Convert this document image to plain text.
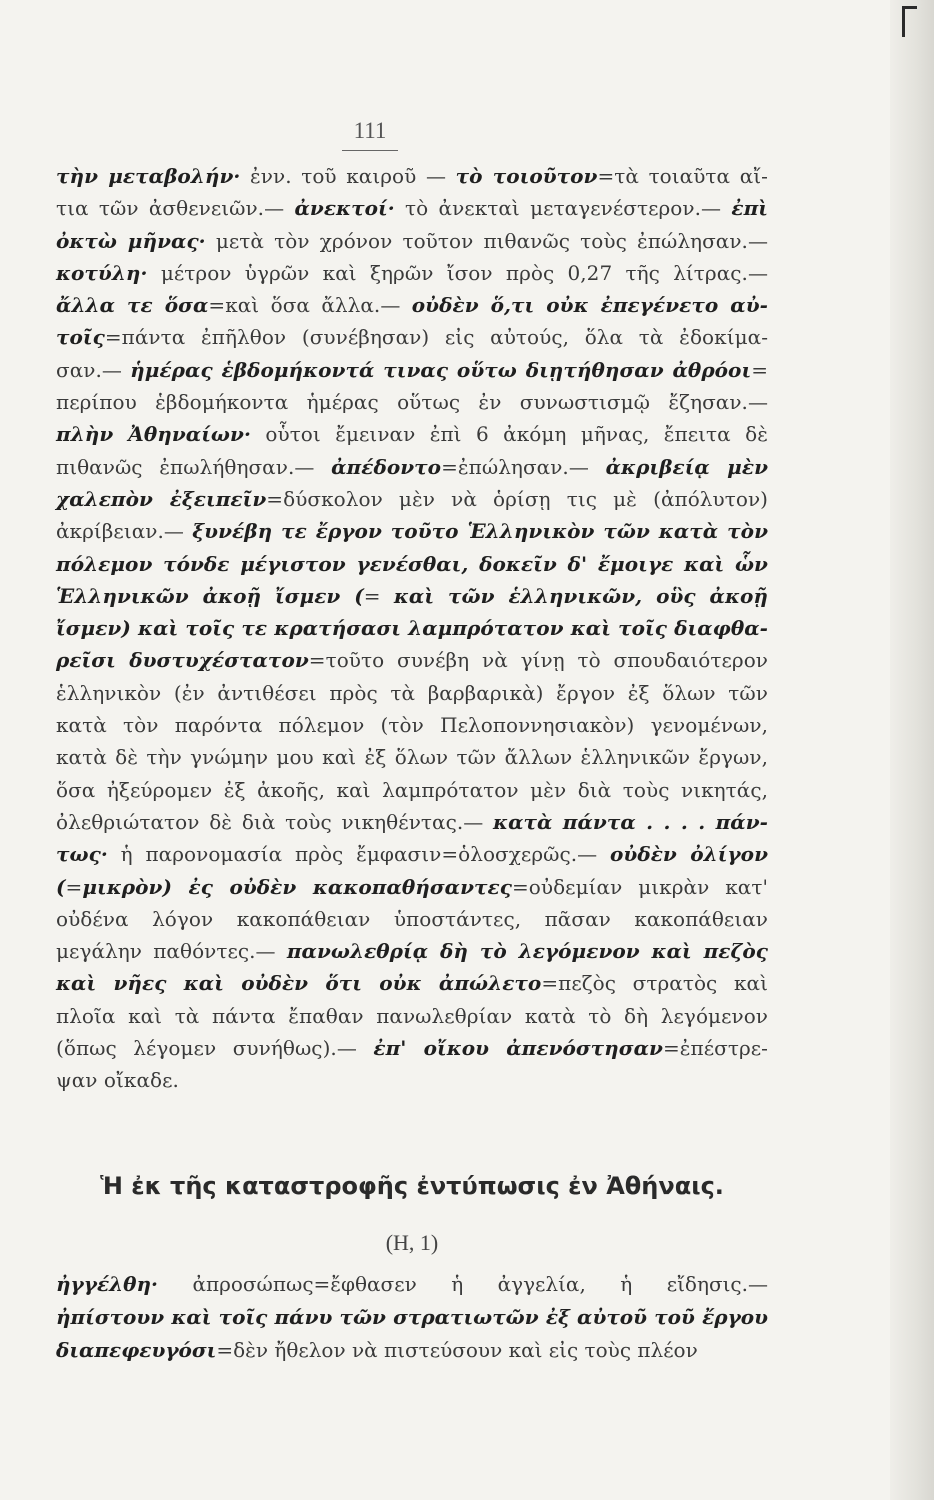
111
τὴν μεταβολήν· ἐνν. τοῦ καιροῦ — τὸ τοιοῦτον=τὰ τοιαῦτα αἴ-
τια τῶν ἀσθενειῶν.— ἀνεκτοί· τὸ ἀνεκταὶ μεταγενέστερον.— ἐπὶ
ὀκτὼ μῆνας· μετὰ τὸν χρόνον τοῦτον πιθανῶς τοὺς ἐπώλησαν.—
κοτύλη· μέτρον ὑγρῶν καὶ ξηρῶν ἴσον πρὸς 0,27 τῆς λίτρας.—
ἄλλα τε ὅσα=καὶ ὅσα ἄλλα.— οὐδὲν ὅ,τι οὐκ ἐπεγένετο αὐ-
τοῖς=πάντα ἐπῆλθον (συνέβησαν) εἰς αὐτούς, ὅλα τὰ ἐδοκίμα-
σαν.— ἡμέρας ἑβδομήκοντά τινας οὕτω διῃτήθησαν ἀθρόοι=
περίπου ἑβδομήκοντα ἡμέρας οὕτως ἐν συνωστισμῷ ἔζησαν.—
πλὴν Ἀθηναίων· οὗτοι ἔμειναν ἐπὶ 6 ἀκόμη μῆνας, ἔπειτα δὲ
πιθανῶς ἐπωλήθησαν.— ἀπέδοντο=ἐπώλησαν.— ἀκριβείᾳ μὲν
χαλεπὸν ἐξειπεῖν=δύσκολον μὲν νὰ ὁρίσῃ τις μὲ (ἀπόλυτον)
ἀκρίβειαν.— ξυνέβη τε ἔργον τοῦτο Ἑλληνικὸν τῶν κατὰ τὸν
πόλεμον τόνδε μέγιστον γενέσθαι, δοκεῖν δ' ἔμοιγε καὶ ὧν
Ἑλληνικῶν ἀκοῇ ἴσμεν (= καὶ τῶν ἑλληνικῶν, οὓς ἀκοῇ
ἴσμεν) καὶ τοῖς τε κρατήσασι λαμπρότατον καὶ τοῖς διαφθα-
ρεῖσι δυστυχέστατον=τοῦτο συνέβη νὰ γίνῃ τὸ σπουδαιότερον
ἑλληνικὸν (ἐν ἀντιθέσει πρὸς τὰ βαρβαρικὰ) ἔργον ἐξ ὅλων τῶν
κατὰ τὸν παρόντα πόλεμον (τὸν Πελοποννησιακὸν) γενομένων,
κατὰ δὲ τὴν γνώμην μου καὶ ἐξ ὅλων τῶν ἄλλων ἑλληνικῶν ἔργων,
ὅσα ἠξεύρομεν ἐξ ἀκοῆς, καὶ λαμπρότατον μὲν διὰ τοὺς νικητάς,
ὀλεθριώτατον δὲ διὰ τοὺς νικηθέντας.— κατὰ πάντα . . . . πάν-
τως· ἡ παρονομασία πρὸς ἔμφασιν=ὁλοσχερῶς.— οὐδὲν ὀλίγον
(=μικρὸν) ἐς οὐδὲν κακοπαθήσαντες=οὐδεμίαν μικρὰν κατ'
οὐδένα λόγον κακοπάθειαν ὑποστάντες, πᾶσαν κακοπάθειαν
μεγάλην παθόντες.— πανωλεθρίᾳ δὴ τὸ λεγόμενον καὶ πεζὸς
καὶ νῆες καὶ οὐδὲν ὅτι οὐκ ἀπώλετο=πεζὸς στρατὸς καὶ
πλοῖα καὶ τὰ πάντα ἔπαθαν πανωλεθρίαν κατὰ τὸ δὴ λεγόμενον
(ὅπως λέγομεν συνήθως).— ἐπ' οἴκου ἀπενόστησαν=ἐπέστρε-
ψαν οἴκαδε.
Ἡ ἐκ τῆς καταστροφῆς ἐντύπωσις ἐν Ἀθήναις.
(Η, 1)
ἠγγέλθη· ἀπροσώπως=ἔφθασεν ἡ ἀγγελία, ἡ εἴδησις.—
ἠπίστουν καὶ τοῖς πάνυ τῶν στρατιωτῶν ἐξ αὐτοῦ τοῦ ἔργου
διαπεφευγόσι=δὲν ἤθελον νὰ πιστεύσουν καὶ εἰς τοὺς πλέον
